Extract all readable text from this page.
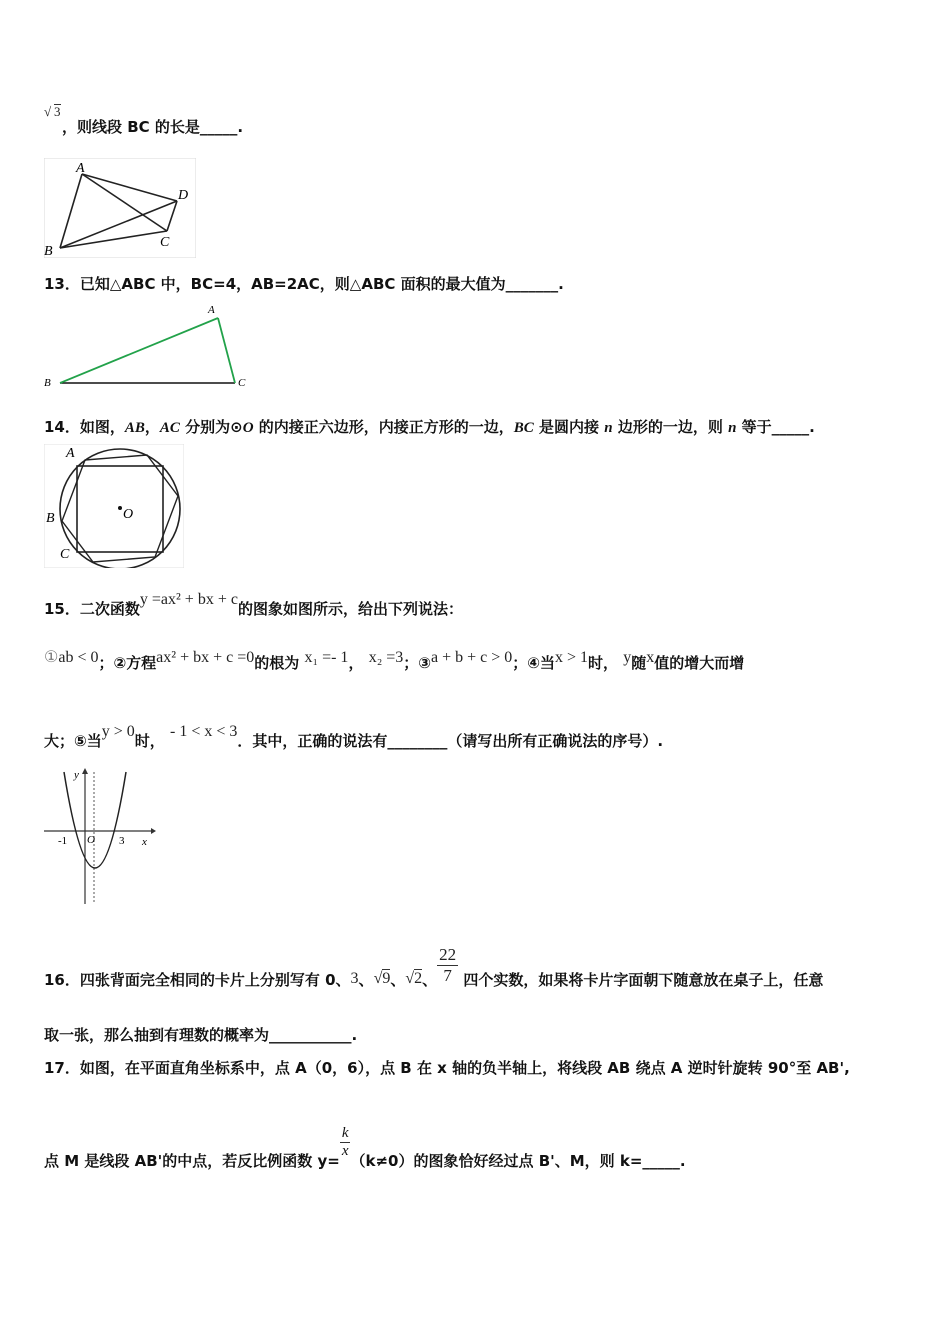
√ 3
，则线段 BC 的长是_____.
A
B
C
D
13．已知△ABC 中，BC=4，AB=2AC，则△ABC 面积的最大值为_______.
A
B	C
14．如图，AB，AC 分别为⊙O 的内接正六边形，内接正方形的一边，BC 是圆内接 n 边形的一边，则 n 等于_____.
A
B
C
O
15．二次函数y =ax² + bx + c的图象如图所示，给出下列说法：
①ab < 0；②方程ax² + bx + c =0的根为 x₁ =- 1， x₂ =3；③a + b + c > 0；④当x > 1时， y随x值的增大而增
大；⑤当y > 0时， - 1 < x < 3．其中，正确的说法有________（请写出所有正确说法的序号）.
y
x
-1 O 3
16．四张背面完全相同的卡片上分别写有 0、3、√9、√2、 $\frac{22}{7}$ 四个实数，如果将卡片字面朝下随意放在桌子上，任意
取一张，那么抽到有理数的概率为___________.
17．如图，在平面直角坐标系中，点 A（0，6），点 B 在 x 轴的负半轴上，将线段 AB 绕点 A 逆时针旋转 90°至 AB',
点 M 是线段 AB'的中点，若反比例函数 y=
$\frac{k}{x}$
（k≠0）的图象恰好经过点 B'、M，则 k=_____.
